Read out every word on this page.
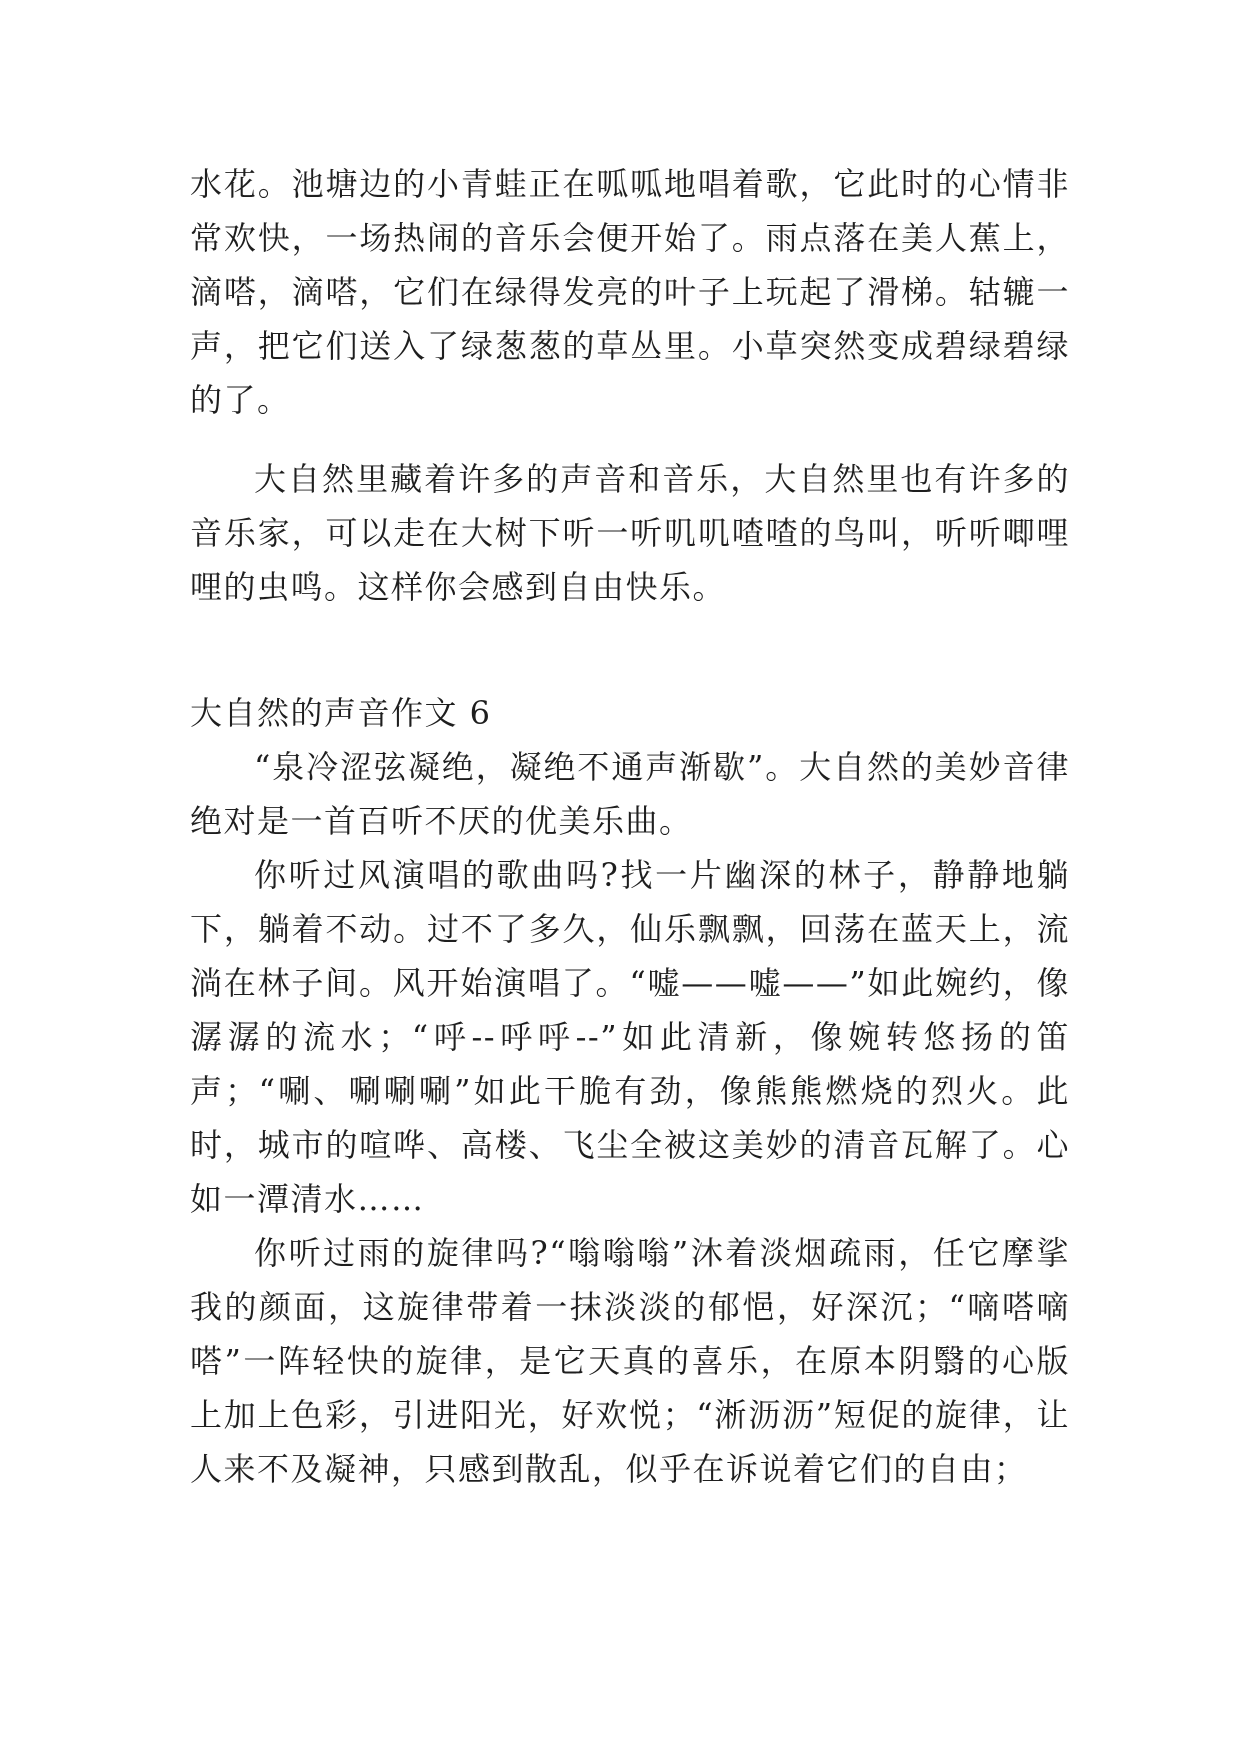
水花。池塘边的小青蛙正在呱呱地唱着歌，它此时的心情非常欢快，一场热闹的音乐会便开始了。雨点落在美人蕉上，滴嗒，滴嗒，它们在绿得发亮的叶子上玩起了滑梯。轱辘一声，把它们送入了绿葱葱的草丛里。小草突然变成碧绿碧绿的了。

大自然里藏着许多的声音和音乐，大自然里也有许多的音乐家，可以走在大树下听一听叽叽喳喳的鸟叫，听听唧哩哩的虫鸣。这样你会感到自由快乐。

大自然的声音作文 6

“泉冷涩弦凝绝，凝绝不通声渐歇”。大自然的美妙音律绝对是一首百听不厌的优美乐曲。

你听过风演唱的歌曲吗?找一片幽深的林子，静静地躺下，躺着不动。过不了多久，仙乐飘飘，回荡在蓝天上，流淌在林子间。风开始演唱了。“嘘——嘘——”如此婉约，像潺潺的流水；“呼--呼呼--”如此清新，像婉转悠扬的笛声；“唰、唰唰唰”如此干脆有劲，像熊熊燃烧的烈火。此时，城市的喧哗、高楼、飞尘全被这美妙的清音瓦解了。心如一潭清水……

你听过雨的旋律吗?“嗡嗡嗡”沐着淡烟疏雨，任它摩挲我的颜面，这旋律带着一抹淡淡的郁悒，好深沉；“嘀嗒嘀嗒”一阵轻快的旋律，是它天真的喜乐，在原本阴翳的心版上加上色彩，引进阳光，好欢悦；“淅沥沥”短促的旋律，让人来不及凝神，只感到散乱，似乎在诉说着它们的自由；
